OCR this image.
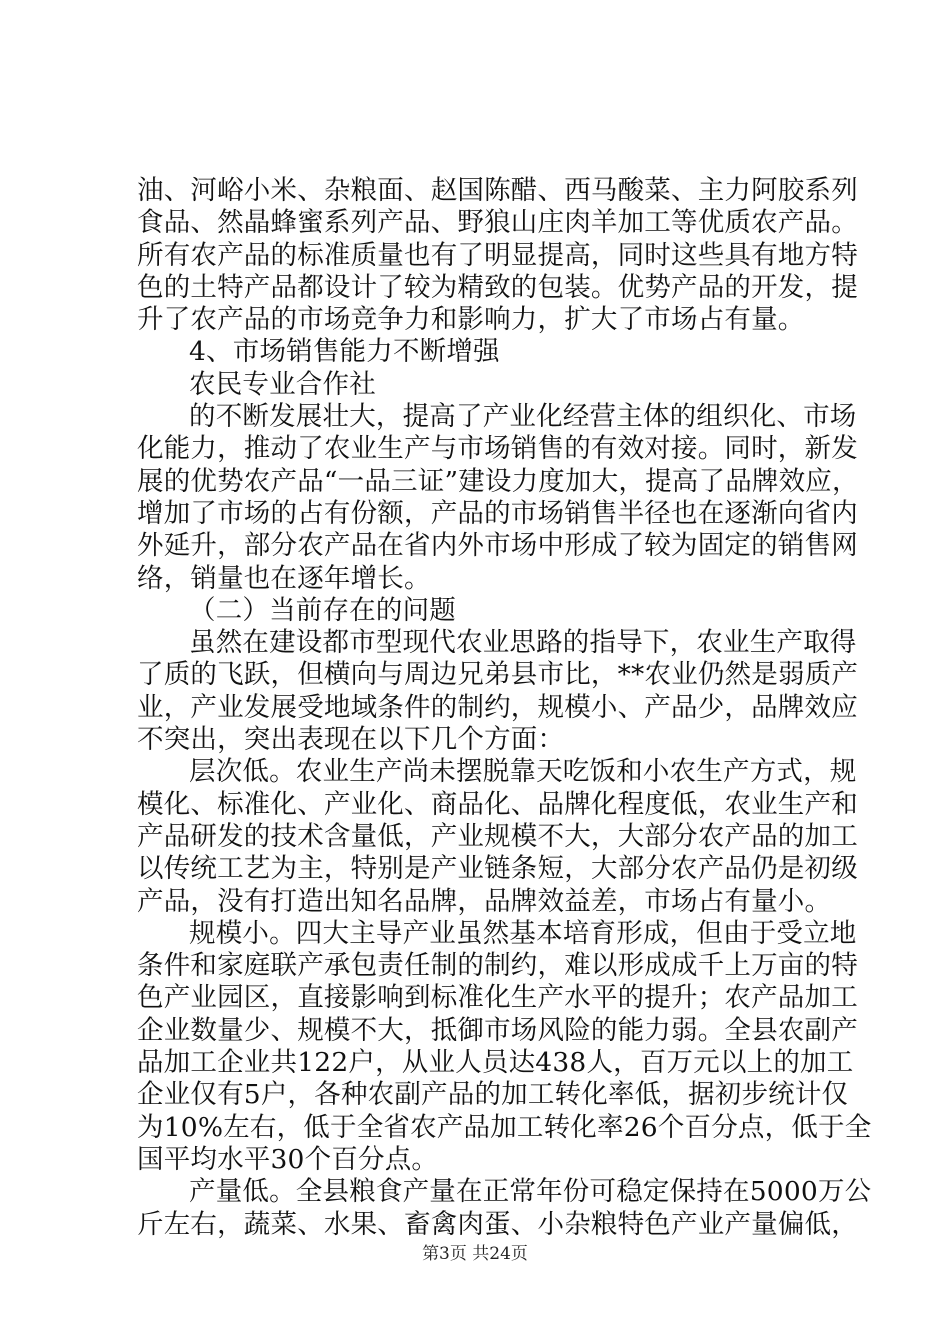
油、河峪小米、杂粮面、赵国陈醋、西马酸菜、主力阿胶系列
食品、然晶蜂蜜系列产品、野狼山庄肉羊加工等优质农产品。
所有农产品的标准质量也有了明显提高，同时这些具有地方特
色的土特产品都设计了较为精致的包装。优势产品的开发，提
升了农产品的市场竞争力和影响力，扩大了市场占有量。
4、市场销售能力不断增强
农民专业合作社
的不断发展壮大，提高了产业化经营主体的组织化、市场
化能力，推动了农业生产与市场销售的有效对接。同时，新发
展的优势农产品“一品三证”建设力度加大，提高了品牌效应，
增加了市场的占有份额，产品的市场销售半径也在逐渐向省内
外延升，部分农产品在省内外市场中形成了较为固定的销售网
络，销量也在逐年增长。
（二）当前存在的问题
虽然在建设都市型现代农业思路的指导下，农业生产取得
了质的飞跃，但横向与周边兄弟县市比，**农业仍然是弱质产
业，产业发展受地域条件的制约，规模小、产品少，品牌效应
不突出，突出表现在以下几个方面：
层次低。农业生产尚未摆脱靠天吃饭和小农生产方式，规
模化、标准化、产业化、商品化、品牌化程度低，农业生产和
产品研发的技术含量低，产业规模不大，大部分农产品的加工
以传统工艺为主，特别是产业链条短，大部分农产品仍是初级
产品，没有打造出知名品牌，品牌效益差，市场占有量小。
规模小。四大主导产业虽然基本培育形成，但由于受立地
条件和家庭联产承包责任制的制约，难以形成成千上万亩的特
色产业园区，直接影响到标准化生产水平的提升；农产品加工
企业数量少、规模不大，抵御市场风险的能力弱。全县农副产
品加工企业共122户，从业人员达438人，百万元以上的加工
企业仅有5户，各种农副产品的加工转化率低，据初步统计仅
为10%左右，低于全省农产品加工转化率26个百分点，低于全
国平均水平30个百分点。
产量低。全县粮食产量在正常年份可稳定保持在5000万公
斤左右，蔬菜、水果、畜禽肉蛋、小杂粮特色产业产量偏低，
第3页 共24页
